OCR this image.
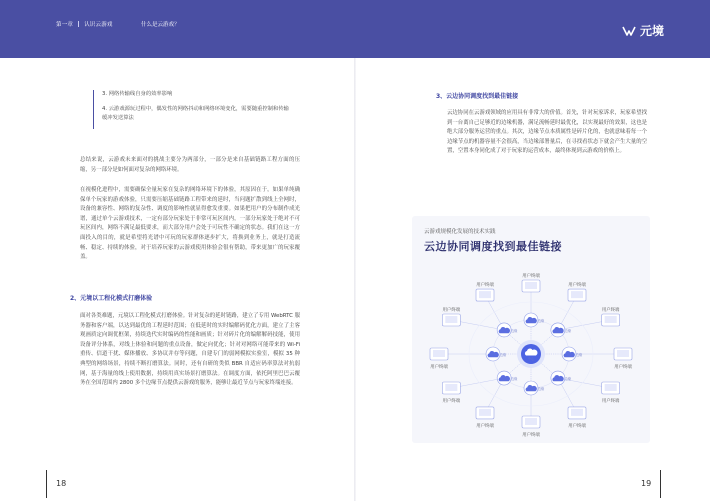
第一章 认识云游戏	什么是云游戏？	元境

3. 网络传输线自身的效率影响

4. 云游戏源玩过程中，偶发性的网络抖动和网络环境变化，需要随重控制和传输缓冲发送算法

总结来说，云游戏未来面对的挑战主要分为两部分，一部分是来自基础链路工程方面的压缩，另一部分是如何面对复杂的网络环境。
在视模化进程中，需要确保全量玩家在复杂的网络环境下的体验，其原因在于，如果单纯确保单个玩家的游戏体验，只需要压缩基础链路工程带来的延时，当问题扩散到线上全网时，设备的兼容性、网络的复杂性、调度的影响性就显得愈发重要。如果把用户的分布制作成光谱，通过单个云游戏技术，一定有部分玩家处于非常可玩区间内，一部分玩家处于绝对不可玩区间内，网络不满足最低要求，而大部分用户会处于可玩性不确定的状态。我们在这一方面投入的目的，就是希望将光谱中可玩的玩家群体逐步扩大，将换到业务上，就是打造流畅、稳定、持续的体验，对于培养玩家的云游戏使用体验会很有帮助，带来更加广的玩家覆盖。
2、元境以工程化模式打磨体验
面对各类难题，元境以工程化模式打磨体验。针对复杂的延时链路，建立了专用 WebRTC 服务器和客户端，以达到最优的工程延时范围；在低延时的实时编解码优化方面，建立了主客观画质定向调优框架，持续迭代实时编码的性能和画质；针对碎片化的编解解码技能，使用设备评分体系，对线上体验和问题的重点设备，做定向优化；针对对网络可能带来的 Wi-Fi 重传、信道干扰、媒体播放、多协议并存等问题，自建专门的弱网模拟实验室，模拟 35 种典型的网络场景，持续不断打磨算法。同时，还有自研的类似 BBR 自适应码率算法对抗弱网，基于海量的线上使用数据，持续用真实场景打磨算法。在调度方面，依托阿里巴巴云覆务在全国范围内 2800 多个边缘节点提供云游戏的服务，能够让最近节点与玩家终端连接。
18
3、云边协同调度找到最佳链接
云边协同在云游戏领域的应用具有非常大的价值。首先，针对玩家诉求，玩家希望找到一台离自己足够近的边缘机器，满足流畅延时最优化，以实现最好的效果，这也是绝大部分服务运营的重点。其次，边缘节点本质属性是碎片化的，也就意味着每一个边缘节点的机器容量不会很高，当边缘部署量后，在寻找看状态下就会产生大量的空置，空置本身同化成了对于玩家的运营成本，最终体现到云游戏的价格上。
云游戏规模化发展的技术实践
云边协同调度找到最佳链接
用户终端
用户终端
用户终端
用户终端
用户终端
用户终端
用户终端
用户终端
用户终端
用户终端
用户终端
用户终端
边缘
边缘
边缘
边缘
边缘
边缘
边缘
边缘
中心
19
